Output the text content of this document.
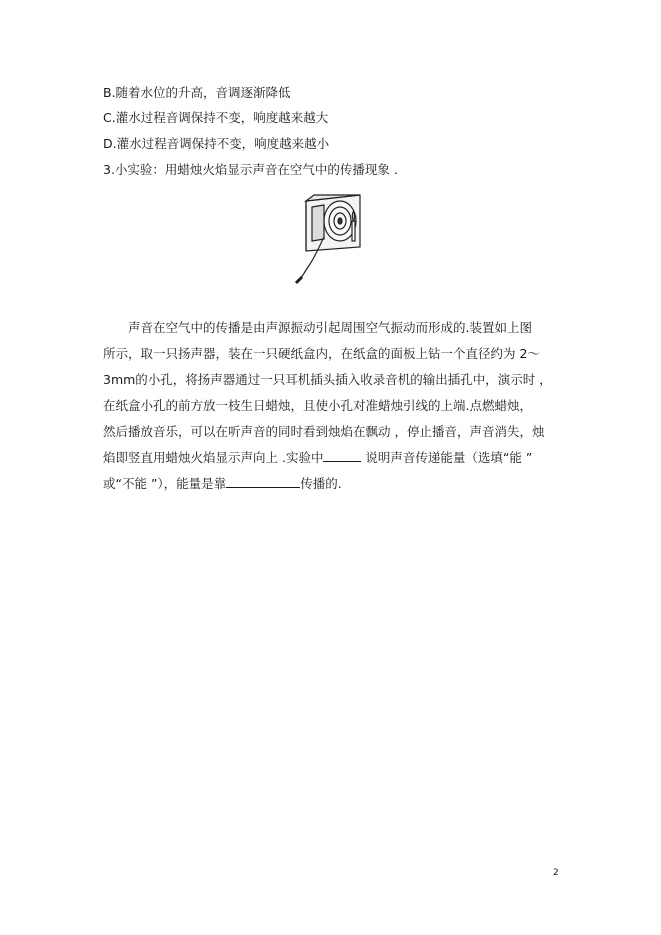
B.随着水位的升高，音调逐渐降低
C.灌水过程音调保持不变，响度越来越大
D.灌水过程音调保持不变，响度越来越小
3.小实验：用蜡烛火焰显示声音在空气中的传播现象 .

声音在空气中的传播是由声源振动引起周围空气振动而形成的.装置如上图

所示，取一只扬声器，装在一只硬纸盒内，在纸盒的面板上钻一个直径约为 2～

3mm的小孔，将扬声器通过一只耳机插头插入收录音机的输出插孔中，演示时 ，

在纸盒小孔的前方放一枝生日蜡烛，且使小孔对准蜡烛引线的上端.点燃蜡烛，

然后播放音乐，可以在听声音的同时看到烛焰在飘动 ，停止播音，声音消失，烛

焰即竖直用蜡烛火焰显示声向上 .实验中	说明声音传递能量（选填“能 ”

或“不能 ”），能量是靠	传播的.

2
